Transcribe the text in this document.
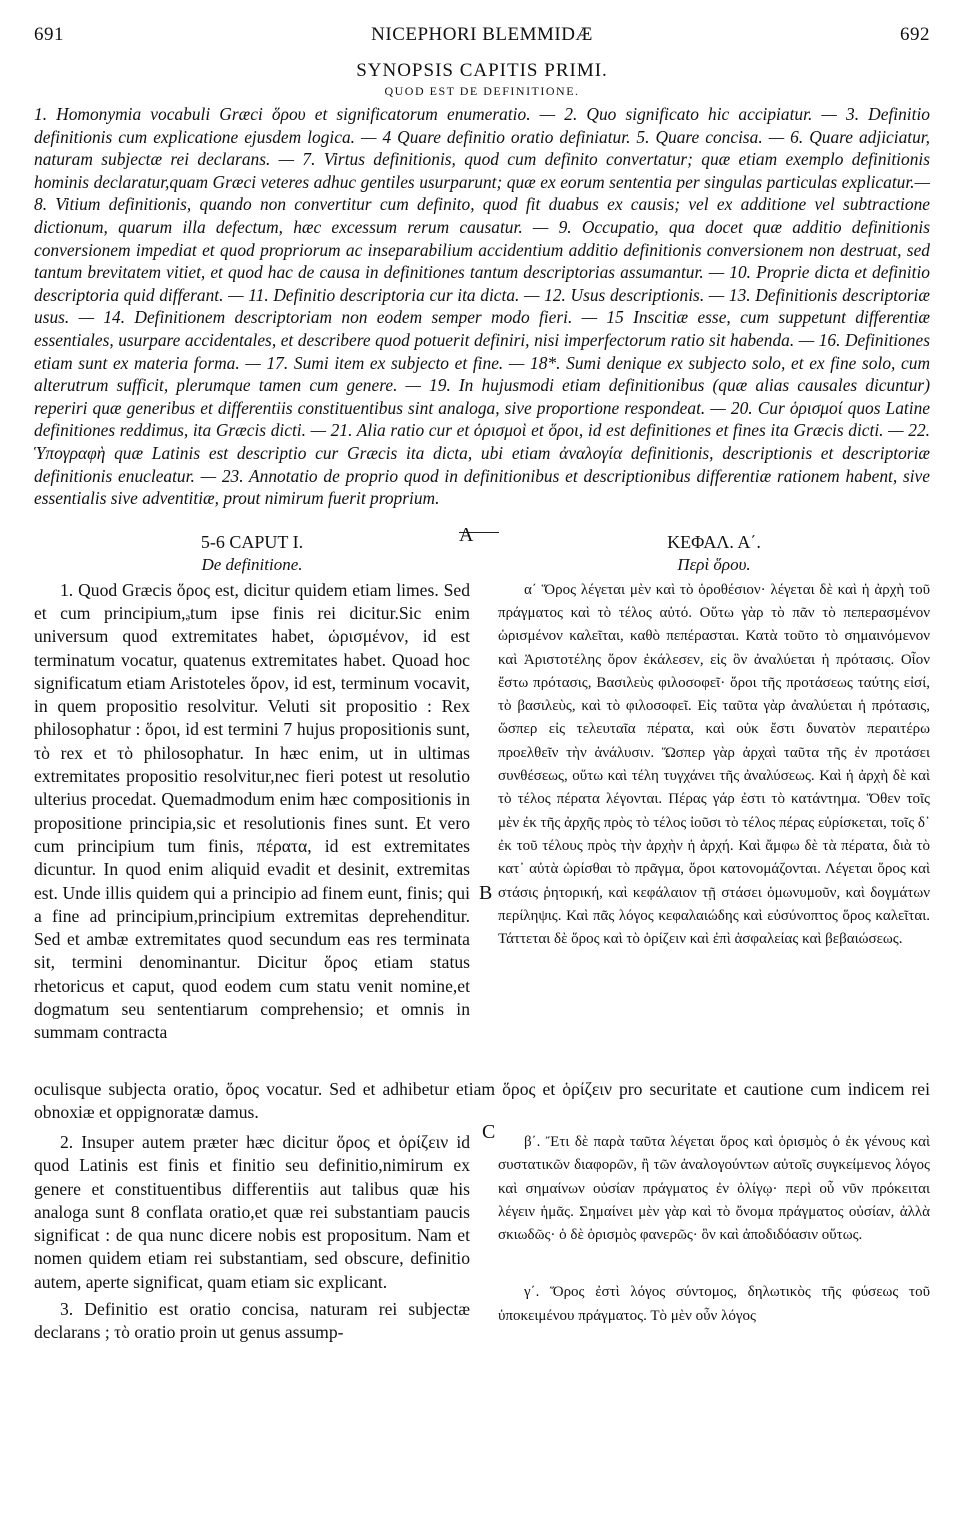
691	NICEPHORI BLEMMIDÆ	692
SYNOPSIS CAPITIS PRIMI.
QUOD EST DE DEFINITIONE.

1. Homonymia vocabuli Græci ὅρου et significatorum enumeratio. — 2. Quo significato hic accipiatur. — 3. Definitio definitionis cum explicatione ejusdem logica. — 4 Quare definitio oratio definiatur. 5. Quare concisa. — 6. Quare adjiciatur, naturam subjectæ rei declarans. — 7. Virtus definitionis, quod cum definito convertatur; quæ etiam exemplo definitionis hominis declaratur,quam Græci veteres adhuc gentiles usurparunt; quæ ex eorum sententia per singulas particulas explicatur.— 8. Vitium definitionis, quando non convertitur cum definito, quod fit duabus ex causis; vel ex additione vel subtractione dictionum, quarum illa defectum, hæc excessum rerum causatur. — 9. Occupatio, qua docet quæ additio definitionis conversionem impediat et quod propriorum ac inseparabilium accidentium additio definitionis conversionem non destruat, sed tantum brevitatem vitiet, et quod hac de causa in definitiones tantum descriptorias assumantur. — 10. Proprie dicta et definitio descriptoria quid differant. — 11. Definitio descriptoria cur ita dicta. — 12. Usus descriptionis. — 13. Definitionis descriptoriæ usus. — 14. Definitionem descriptoriam non eodem semper modo fieri. — 15 Inscitiæ esse, cum suppetunt differentiæ essentiales, usurpare accidentales, et describere quod potuerit definiri, nisi imperfectorum ratio sit habenda. — 16. Definitiones etiam sunt ex materia forma. — 17. Sumi item ex subjecto et fine. — 18*. Sumi denique ex subjecto solo, et ex fine solo, cum alterutrum sufficit, plerumque tamen cum genere. — 19. In hujusmodi etiam definitionibus (quæ alias causales dicuntur) reperiri quæ generibus et differentiis constituentibus sint analoga, sive proportione respondeat. — 20. Cur ὁρισμοί quos Latine definitiones reddimus, ita Græcis dicti. — 21. Alia ratio cur et ὁρισμοὶ et ὅροι, id est definitiones et fines ita Græcis dicti. — 22. Ὑπογραφὴ quæ Latinis est descriptio cur Græcis ita dicta, ubi etiam ἀναλογία definitionis, descriptionis et descriptoriæ definitionis enucleatur. — 23. Annotatio de proprio quod in definitionibus et descriptionibus differentiæ rationem habent, sive essentialis sive adventitiæ, prout nimirum fuerit proprium.

A
B
5-6 CAPUT I.
De definitione.

1. Quod Græcis ὅρος est, dicitur quidem etiam limes. Sed et cum principium,ₔtum ipse finis rei dicitur.Sic enim universum quod extremitates habet, ὡρισμένον, id est terminatum vocatur, quatenus extremitates habet. Quoad hoc significatum etiam Aristoteles ὅρον, id est, terminum vocavit, in quem propositio resolvitur. Veluti sit propositio : Rex philosophatur : ὅροι, id est termini 7 hujus propositionis sunt, τὸ rex et τὸ philosophatur. In hæc enim, ut in ultimas extremitates propositio resolvitur,nec fieri potest ut resolutio ulterius procedat. Quemadmodum enim hæc compositionis in propositione principia,sic et resolutionis fines sunt. Et vero cum principium tum finis, πέρατα, id est extremitates dicuntur. In quod enim aliquid evadit et desinit, extremitas est. Unde illis quidem qui a principio ad finem eunt, finis; qui a fine ad principium,principium extremitas deprehenditur. Sed et ambæ extremitates quod secundum eas res terminata sit, termini denominantur. Dicitur ὅρος etiam status rhetoricus et caput, quod eodem cum statu venit nomine,et dogmatum seu sententiarum comprehensio; et omnis in summam contracta

ΚΕΦΑΛ. Α΄.
Περὶ ὅρου.

α΄ Ὅρος λέγεται μὲν καὶ τὸ ὁροθέσιον· λέγεται δὲ καὶ ἡ ἀρχὴ τοῦ πράγματος καὶ τὸ τέλος αὐτό. Οὕτω γὰρ τὸ πᾶν τὸ πεπερασμένον ὡρισμένον καλεῖται, καθὸ πεπέρασται. Κατὰ τοῦτο τὸ σημαινόμενον καὶ Ἀριστοτέλης ὅρον ἐκάλεσεν, εἰς ὃν ἀναλύεται ἡ πρότασις. Οἷον ἔστω πρότασις, Βασιλεὺς φιλοσοφεῖ· ὅροι τῆς προτάσεως ταύτης εἰσί, τὸ βασιλεὺς, καὶ τὸ φιλοσοφεῖ. Εἰς ταῦτα γὰρ ἀναλύεται ἡ πρότασις, ὥσπερ εἰς τελευταῖα πέρατα, καὶ οὐκ ἔστι δυνατὸν περαιτέρω προελθεῖν τὴν ἀνάλυσιν. Ὥσπερ γὰρ ἀρχαὶ ταῦτα τῆς ἐν προτάσει συνθέσεως, οὕτω καὶ τέλη τυγχάνει τῆς ἀναλύσεως. Καὶ ἡ ἀρχὴ δὲ καὶ τὸ τέλος πέρατα λέγονται. Πέρας γάρ ἐστι τὸ κατάντημα. Ὅθεν τοῖς μὲν ἐκ τῆς ἀρχῆς πρὸς τὸ τέλος ἰοῦσι τὸ τέλος πέρας εὑρίσκεται, τοῖς δ᾽ ἐκ τοῦ τέλους πρὸς τὴν ἀρχὴν ἡ ἀρχή. Καὶ ἄμφω δὲ τὰ πέρατα, διὰ τὸ κατ᾽ αὐτὰ ὡρίσθαι τὸ πρᾶγμα, ὅροι κατονομάζονται. Λέγεται ὅρος καὶ στάσις ῥητορική, καὶ κεφάλαιον τῇ στάσει ὁμωνυμοῦν, καὶ δογμάτων περίληψις. Καὶ πᾶς λόγος κεφαλαιώδης καὶ εὐσύνοπτος ὅρος καλεῖται. Τάττεται δὲ ὅρος καὶ τὸ ὁρίζειν καὶ ἐπὶ ἀσφαλείας καὶ βεβαιώσεως.

oculisque subjecta oratio, ὅρος vocatur. Sed et adhibetur etiam ὅρος et ὁρίζειν pro securitate et cautione cum indicem rei obnoxiæ et oppignoratæ damus.

C

2. Insuper autem præter hæc dicitur ὅρος et ὁρίζειν id quod Latinis est finis et finitio seu definitio,nimirum ex genere et constituentibus differentiis aut talibus quæ his analoga sunt 8 conflata oratio,et quæ rei substantiam paucis significat : de qua nunc dicere nobis est propositum. Nam et nomen quidem etiam rei substantiam, sed obscure, definitio autem, aperte significat, quam etiam sic explicant.

3. Definitio est oratio concisa, naturam rei subjectæ declarans ; τὸ oratio proin ut genus assump-

β΄. Ἔτι δὲ παρὰ ταῦτα λέγεται ὅρος καὶ ὁρισμὸς ὁ ἐκ γένους καὶ συστατικῶν διαφορῶν, ἢ τῶν ἀναλογούντων αὐτοῖς συγκείμενος λόγος καὶ σημαίνων οὐσίαν πράγματος ἐν ὀλίγῳ· περὶ οὗ νῦν πρόκειται λέγειν ἡμᾶς. Σημαίνει μὲν γὰρ καὶ τὸ ὄνομα πράγματος οὐσίαν, ἀλλὰ σκιωδῶς· ὁ δὲ ὁρισμὸς φανερῶς· ὃν καὶ ἀποδιδόασιν οὕτως.

γ΄. Ὅρος ἐστὶ λόγος σύντομος, δηλωτικὸς τῆς φύσεως τοῦ ὑποκειμένου πράγματος. Τὸ μὲν οὖν λόγος
